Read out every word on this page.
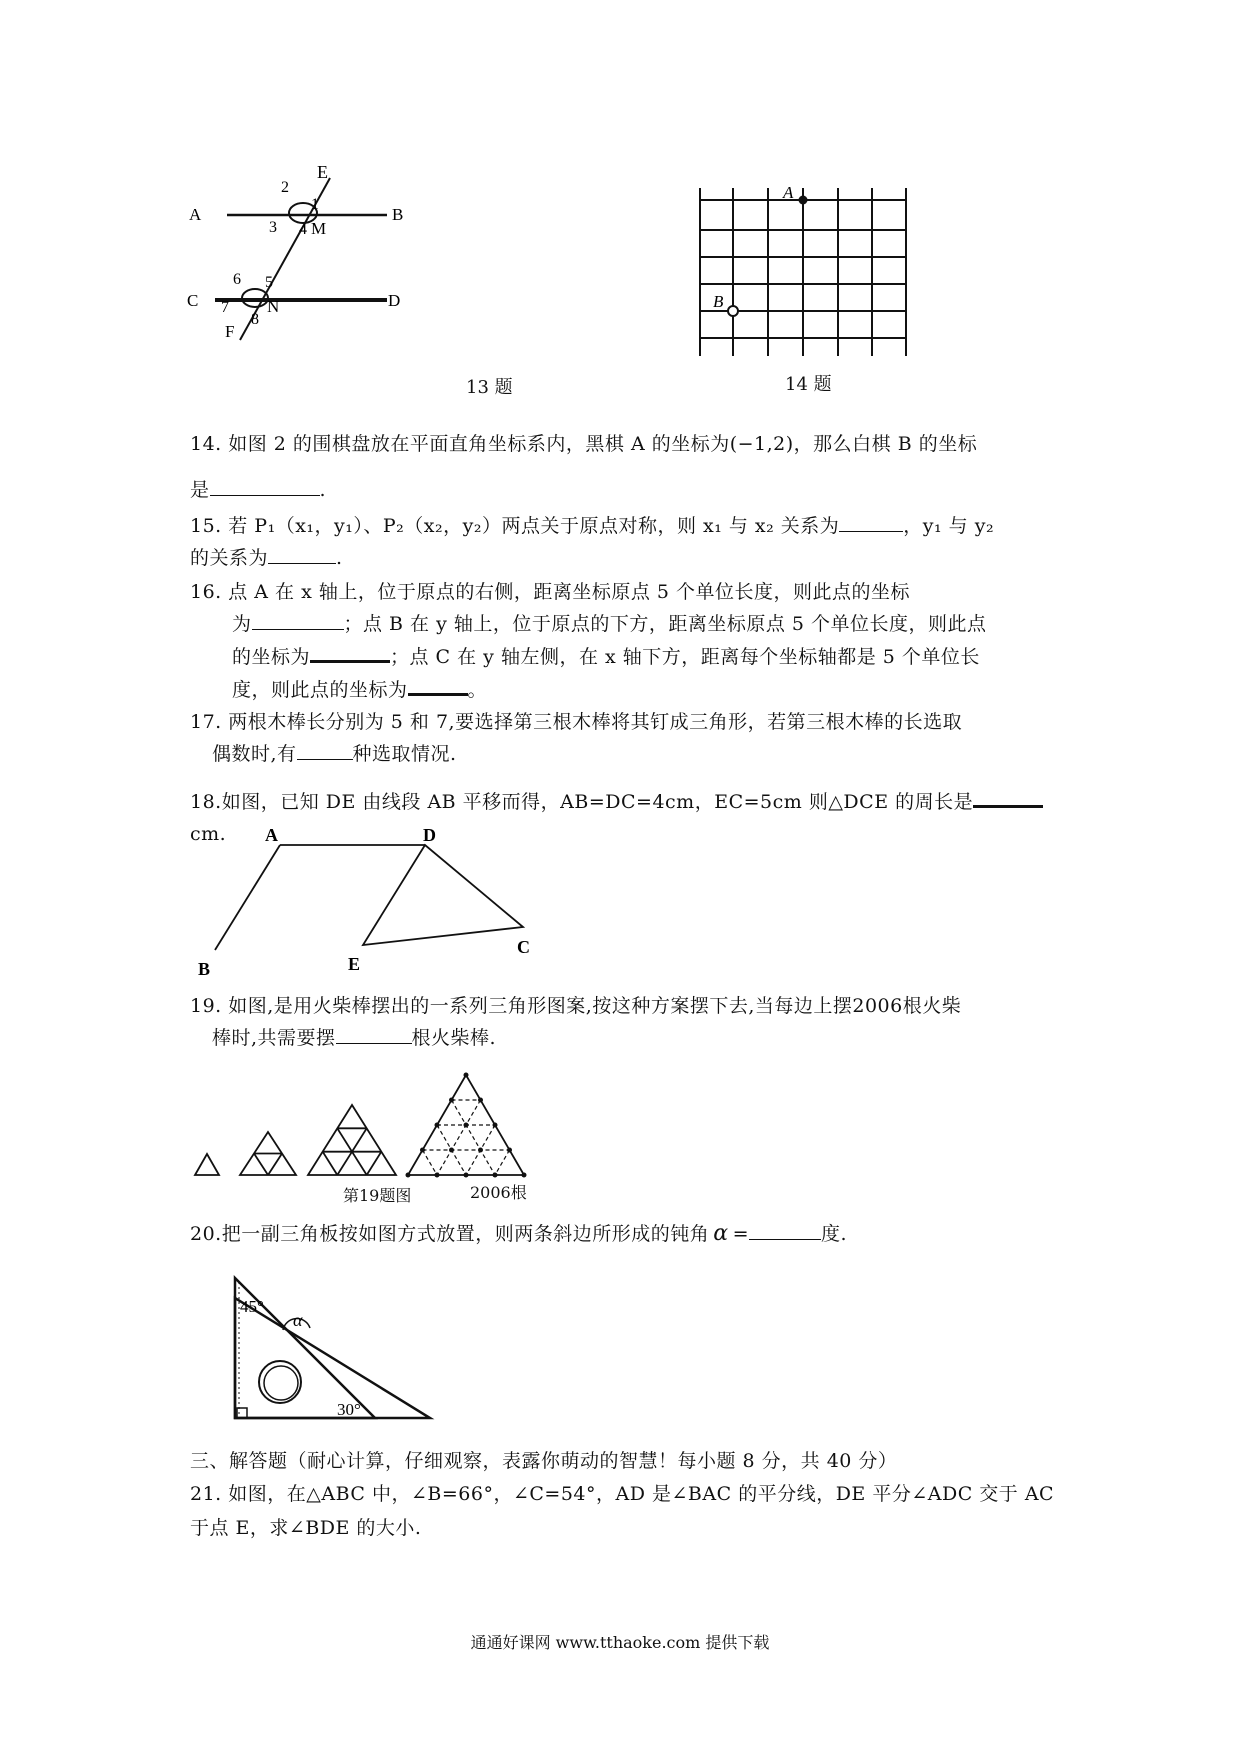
E
A	B
2
1
3 4 M
C	D
6 5
7 N
8
F
13 题
A
B
14 题
14. 如图 2 的围棋盘放在平面直角坐标系内，黑棋 A 的坐标为(−1,2)，那么白棋 B 的坐标
是	.
15. 若 P₁（x₁，y₁）、P₂（x₂，y₂）两点关于原点对称，则 x₁ 与 x₂ 关系为	，y₁ 与 y₂
的关系为	.
16. 点 A 在 x 轴上，位于原点的右侧，距离坐标原点 5 个单位长度，则此点的坐标
为	；点 B 在 y 轴上，位于原点的下方，距离坐标原点 5 个单位长度，则此点
的坐标为	；点 C 在 y 轴左侧，在 x 轴下方，距离每个坐标轴都是 5 个单位长
度，则此点的坐标为	。
17. 两根木棒长分别为 5 和 7,要选择第三根木棒将其钉成三角形，若第三根木棒的长选取
偶数时,有	种选取情况.
18.如图，已知 DE 由线段 AB 平移而得，AB=DC=4cm，EC=5cm 则△DCE 的周长是cm.	A	D
B	E
C
19. 如图,是用火柴棒摆出的一系列三角形图案,按这种方案摆下去,当每边上摆2006根火柴
棒时,共需要摆	根火柴棒.
第19题图	2006根
20.把一副三角板按如图方式放置，则两条斜边所形成的钝角 α =	度.
45°
α
30°
三、解答题（耐心计算，仔细观察，表露你萌动的智慧！每小题 8 分，共 40 分）
21. 如图，在△ABC 中，∠B=66°，∠C=54°，AD 是∠BAC 的平分线，DE 平分∠ADC 交于 AC
于点 E，求∠BDE 的大小.
通通好课网 www.tthaoke.com 提供下载
